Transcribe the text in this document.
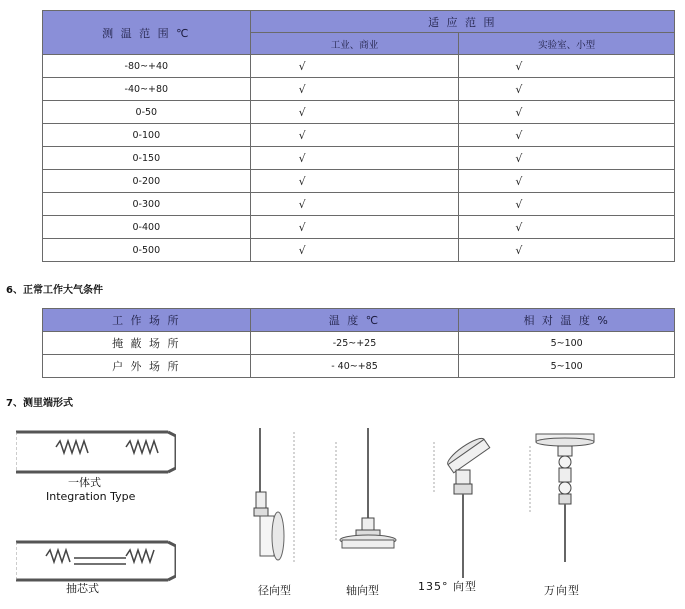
测 温 范 围 ℃	适 应 范 围	
	工业、商业	实验室、小型
-80~+40	√	√
-40~+80	√	√
0-50	√	√
0-100	√	√
0-150	√	√
0-200	√	√
0-300	√	√
0-400	√	√
0-500	√	√
6、正常工作大气条件
工 作 场 所	温 度 ℃	相 对 温 度 %
掩 蔽 场 所	-25~+25	5~100
户 外 场 所	- 40~+85	5~100
7、测里端形式
一体式
Integration Type
抽芯式	径向型	轴向型	135° 向型	万向型
